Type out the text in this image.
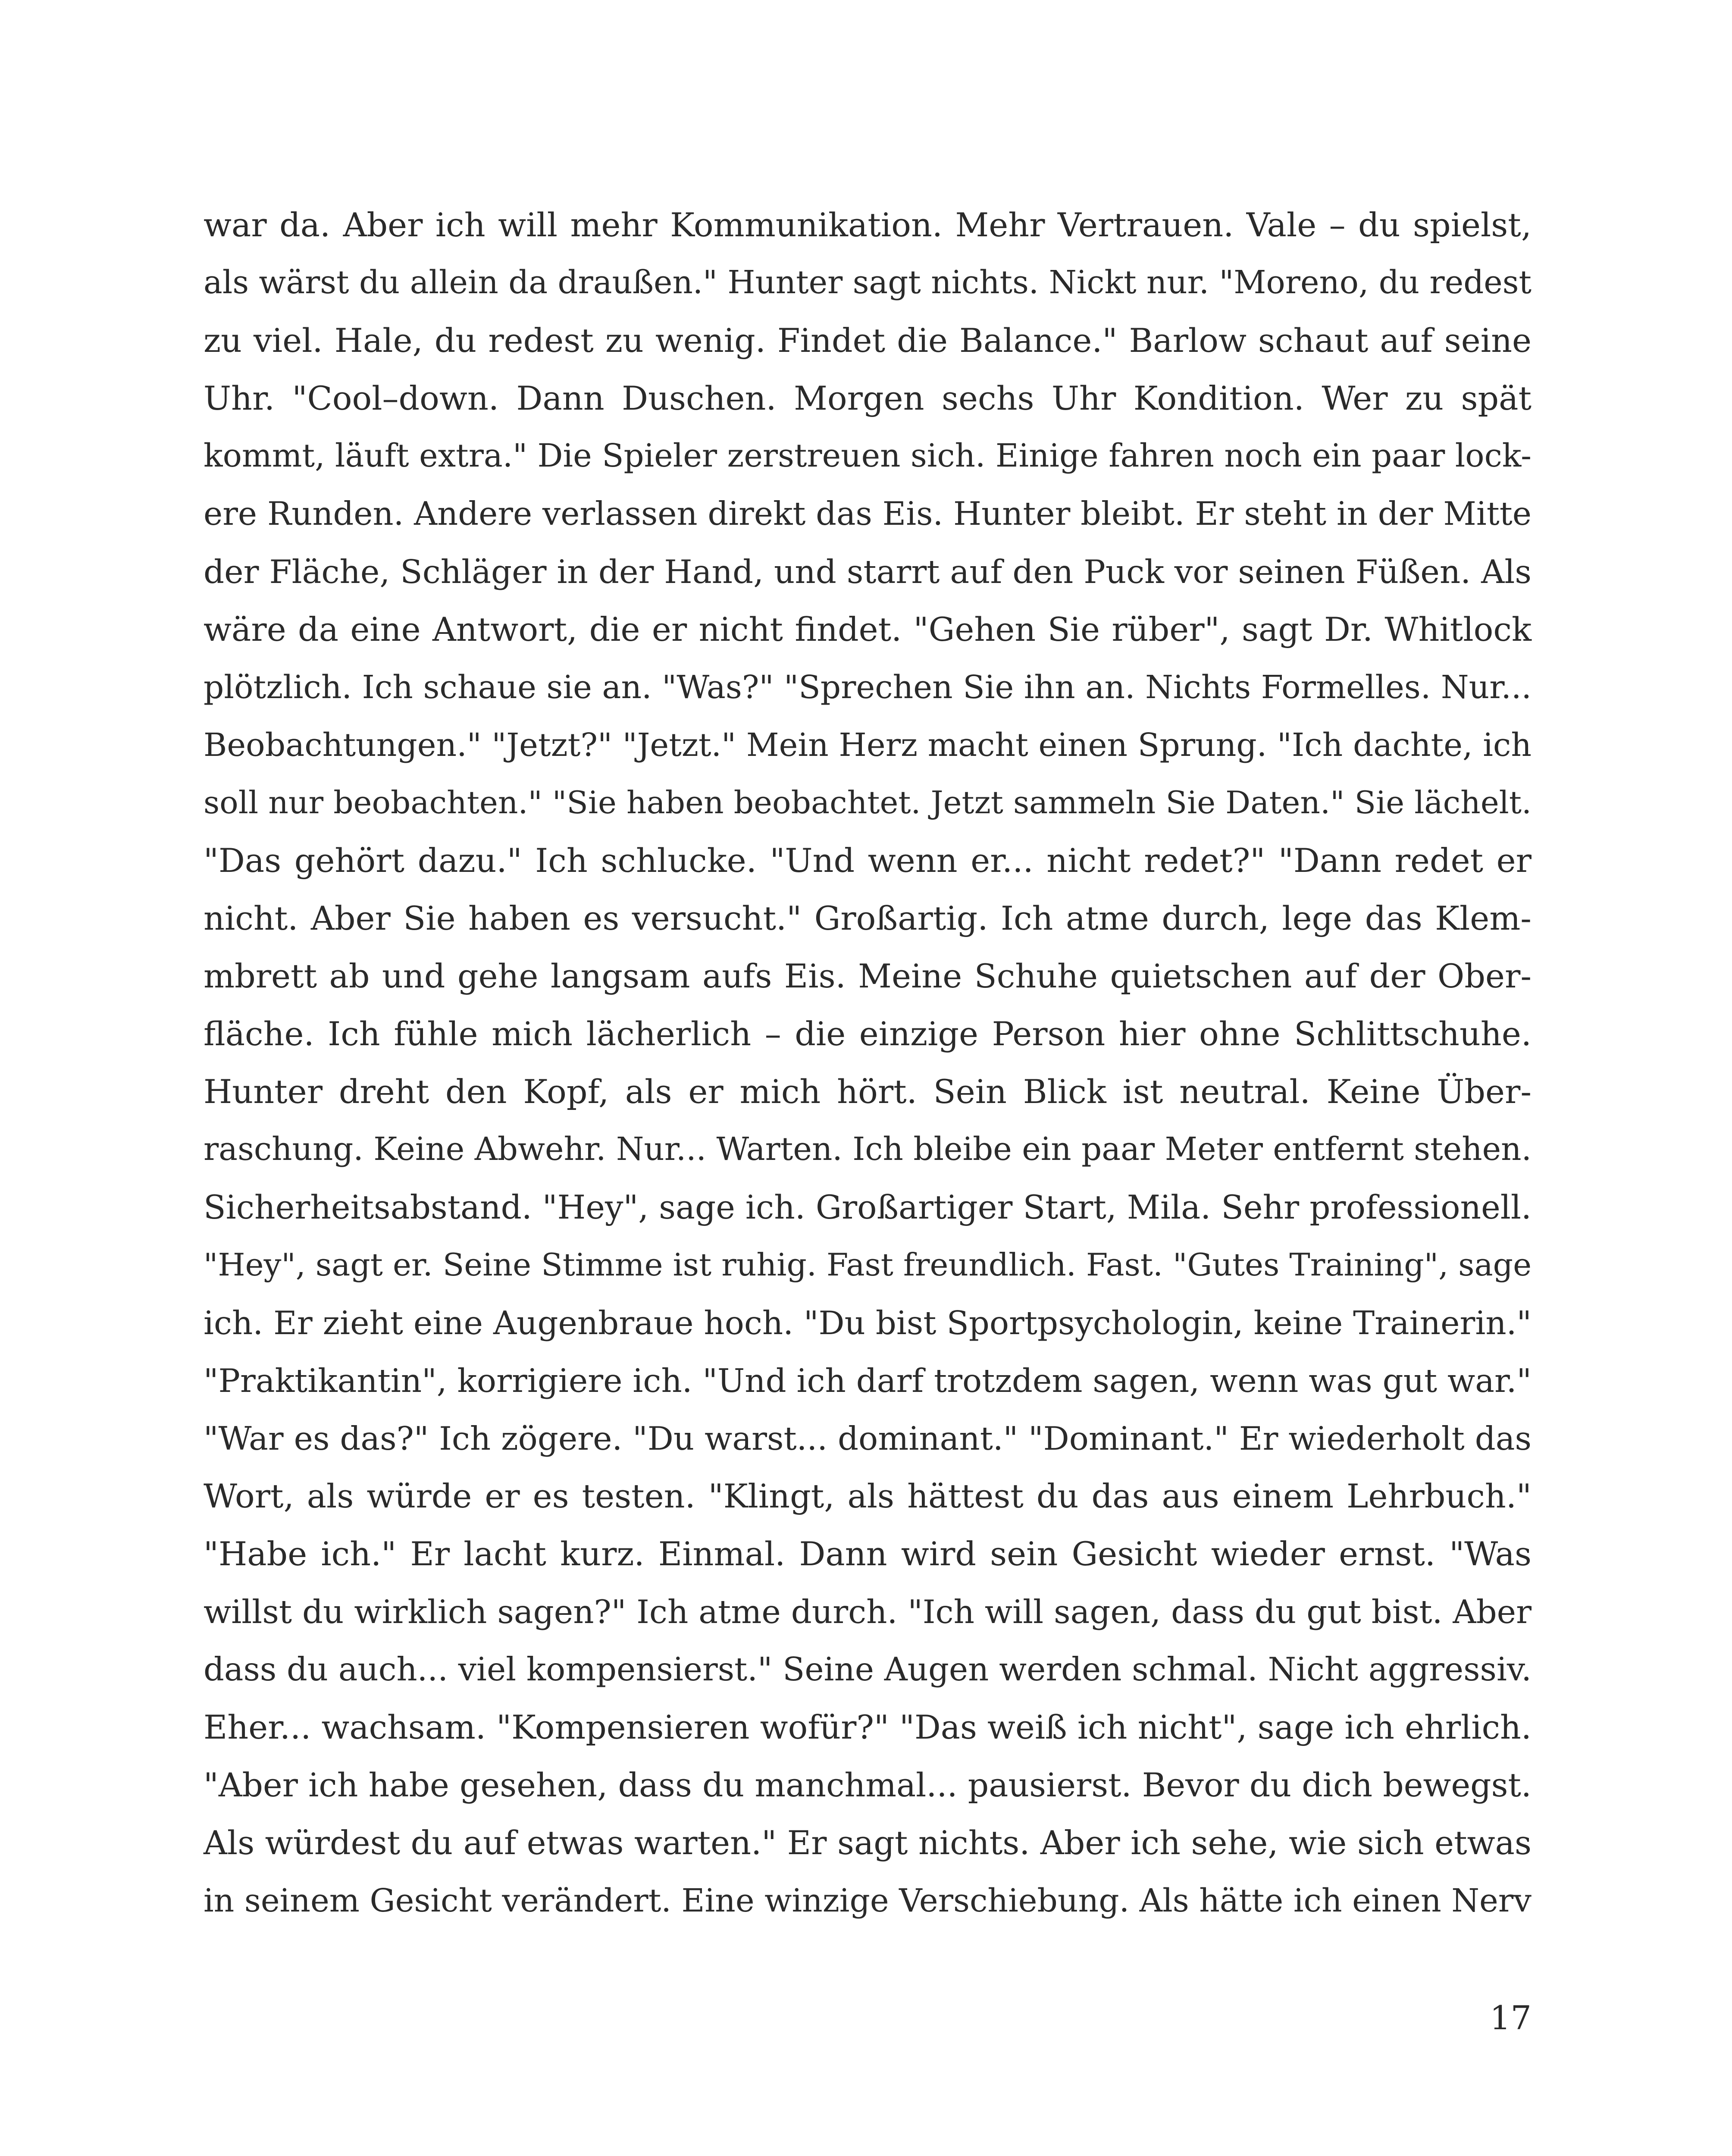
war da. Aber ich will mehr Kommunikation. Mehr Vertrauen. Vale – du spielst,
als wärst du allein da draußen." Hunter sagt nichts. Nickt nur. "Moreno, du redest
zu viel. Hale, du redest zu wenig. Findet die Balance." Barlow schaut auf seine
Uhr. "Cool–down. Dann Duschen. Morgen sechs Uhr Kondition. Wer zu spät
kommt, läuft extra." Die Spieler zerstreuen sich. Einige fahren noch ein paar lock-
ere Runden. Andere verlassen direkt das Eis. Hunter bleibt. Er steht in der Mitte
der Fläche, Schläger in der Hand, und starrt auf den Puck vor seinen Füßen. Als
wäre da eine Antwort, die er nicht findet. "Gehen Sie rüber", sagt Dr. Whitlock
plötzlich. Ich schaue sie an. "Was?" "Sprechen Sie ihn an. Nichts Formelles. Nur...
Beobachtungen." "Jetzt?" "Jetzt." Mein Herz macht einen Sprung. "Ich dachte, ich
soll nur beobachten." "Sie haben beobachtet. Jetzt sammeln Sie Daten." Sie lächelt.
"Das gehört dazu." Ich schlucke. "Und wenn er... nicht redet?" "Dann redet er
nicht. Aber Sie haben es versucht." Großartig. Ich atme durch, lege das Klem-
mbrett ab und gehe langsam aufs Eis. Meine Schuhe quietschen auf der Ober-
fläche. Ich fühle mich lächerlich – die einzige Person hier ohne Schlittschuhe.
Hunter dreht den Kopf, als er mich hört. Sein Blick ist neutral. Keine Über-
raschung. Keine Abwehr. Nur... Warten. Ich bleibe ein paar Meter entfernt stehen.
Sicherheitsabstand. "Hey", sage ich. Großartiger Start, Mila. Sehr professionell.
"Hey", sagt er. Seine Stimme ist ruhig. Fast freundlich. Fast. "Gutes Training", sage
ich. Er zieht eine Augenbraue hoch. "Du bist Sportpsychologin, keine Trainerin."
"Praktikantin", korrigiere ich. "Und ich darf trotzdem sagen, wenn was gut war."
"War es das?" Ich zögere. "Du warst... dominant." "Dominant." Er wiederholt das
Wort, als würde er es testen. "Klingt, als hättest du das aus einem Lehrbuch."
"Habe ich." Er lacht kurz. Einmal. Dann wird sein Gesicht wieder ernst. "Was
willst du wirklich sagen?" Ich atme durch. "Ich will sagen, dass du gut bist. Aber
dass du auch... viel kompensierst." Seine Augen werden schmal. Nicht aggressiv.
Eher... wachsam. "Kompensieren wofür?" "Das weiß ich nicht", sage ich ehrlich.
"Aber ich habe gesehen, dass du manchmal... pausierst. Bevor du dich bewegst.
Als würdest du auf etwas warten." Er sagt nichts. Aber ich sehe, wie sich etwas
in seinem Gesicht verändert. Eine winzige Verschiebung. Als hätte ich einen Nerv
17
